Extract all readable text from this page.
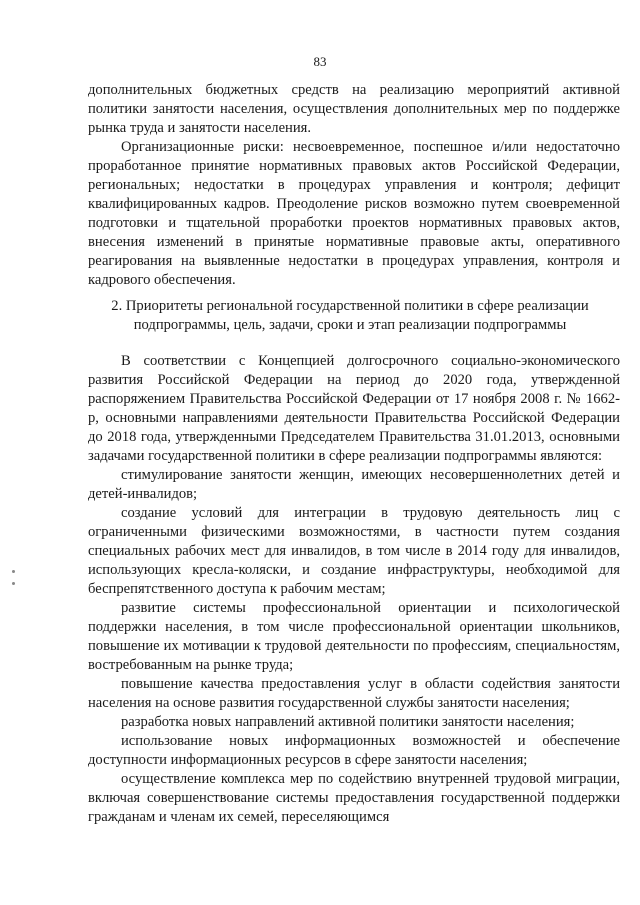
83

дополнительных бюджетных средств на реализацию мероприятий активной политики занятости населения, осуществления дополнительных мер по поддержке рынка труда и занятости населения.

Организационные риски: несвоевременное, поспешное и/или недостаточно проработанное принятие нормативных правовых актов Российской Федерации, региональных; недостатки в процедурах управления и контроля; дефицит квалифицированных кадров. Преодоление рисков возможно путем своевременной подготовки и тщательной проработки проектов нормативных правовых актов, внесения изменений в принятые нормативные правовые акты, оперативного реагирования на выявленные недостатки в процедурах управления, контроля и кадрового обеспечения.

2. Приоритеты региональной государственной политики в сфере реализации
подпрограммы, цель, задачи, сроки и этап реализации подпрограммы

В соответствии с Концепцией долгосрочного социально-экономического развития Российской Федерации на период до 2020 года, утвержденной распоряжением Правительства Российской Федерации от 17 ноября 2008 г. № 1662-р, основными направлениями деятельности Правительства Российской Федерации до 2018 года, утвержденными Председателем Правительства 31.01.2013, основными задачами государственной политики в сфере реализации подпрограммы являются:

стимулирование занятости женщин, имеющих несовершеннолетних детей и детей-инвалидов;

создание условий для интеграции в трудовую деятельность лиц с ограниченными физическими возможностями, в частности путем создания специальных рабочих мест для инвалидов, в том числе в 2014 году для инвалидов, использующих кресла-коляски, и создание инфраструктуры, необходимой для беспрепятственного доступа к рабочим местам;

развитие системы профессиональной ориентации и психологической поддержки населения, в том числе профессиональной ориентации школьников, повышение их мотивации к трудовой деятельности по профессиям, специальностям, востребованным на рынке труда;

повышение качества предоставления услуг в области содействия занятости населения на основе развития государственной службы занятости населения;

разработка новых направлений активной политики занятости населения;

использование новых информационных возможностей и обеспечение доступности информационных ресурсов в сфере занятости населения;

осуществление комплекса мер по содействию внутренней трудовой миграции, включая совершенствование системы предоставления государственной поддержки гражданам и членам их семей, переселяющимся
